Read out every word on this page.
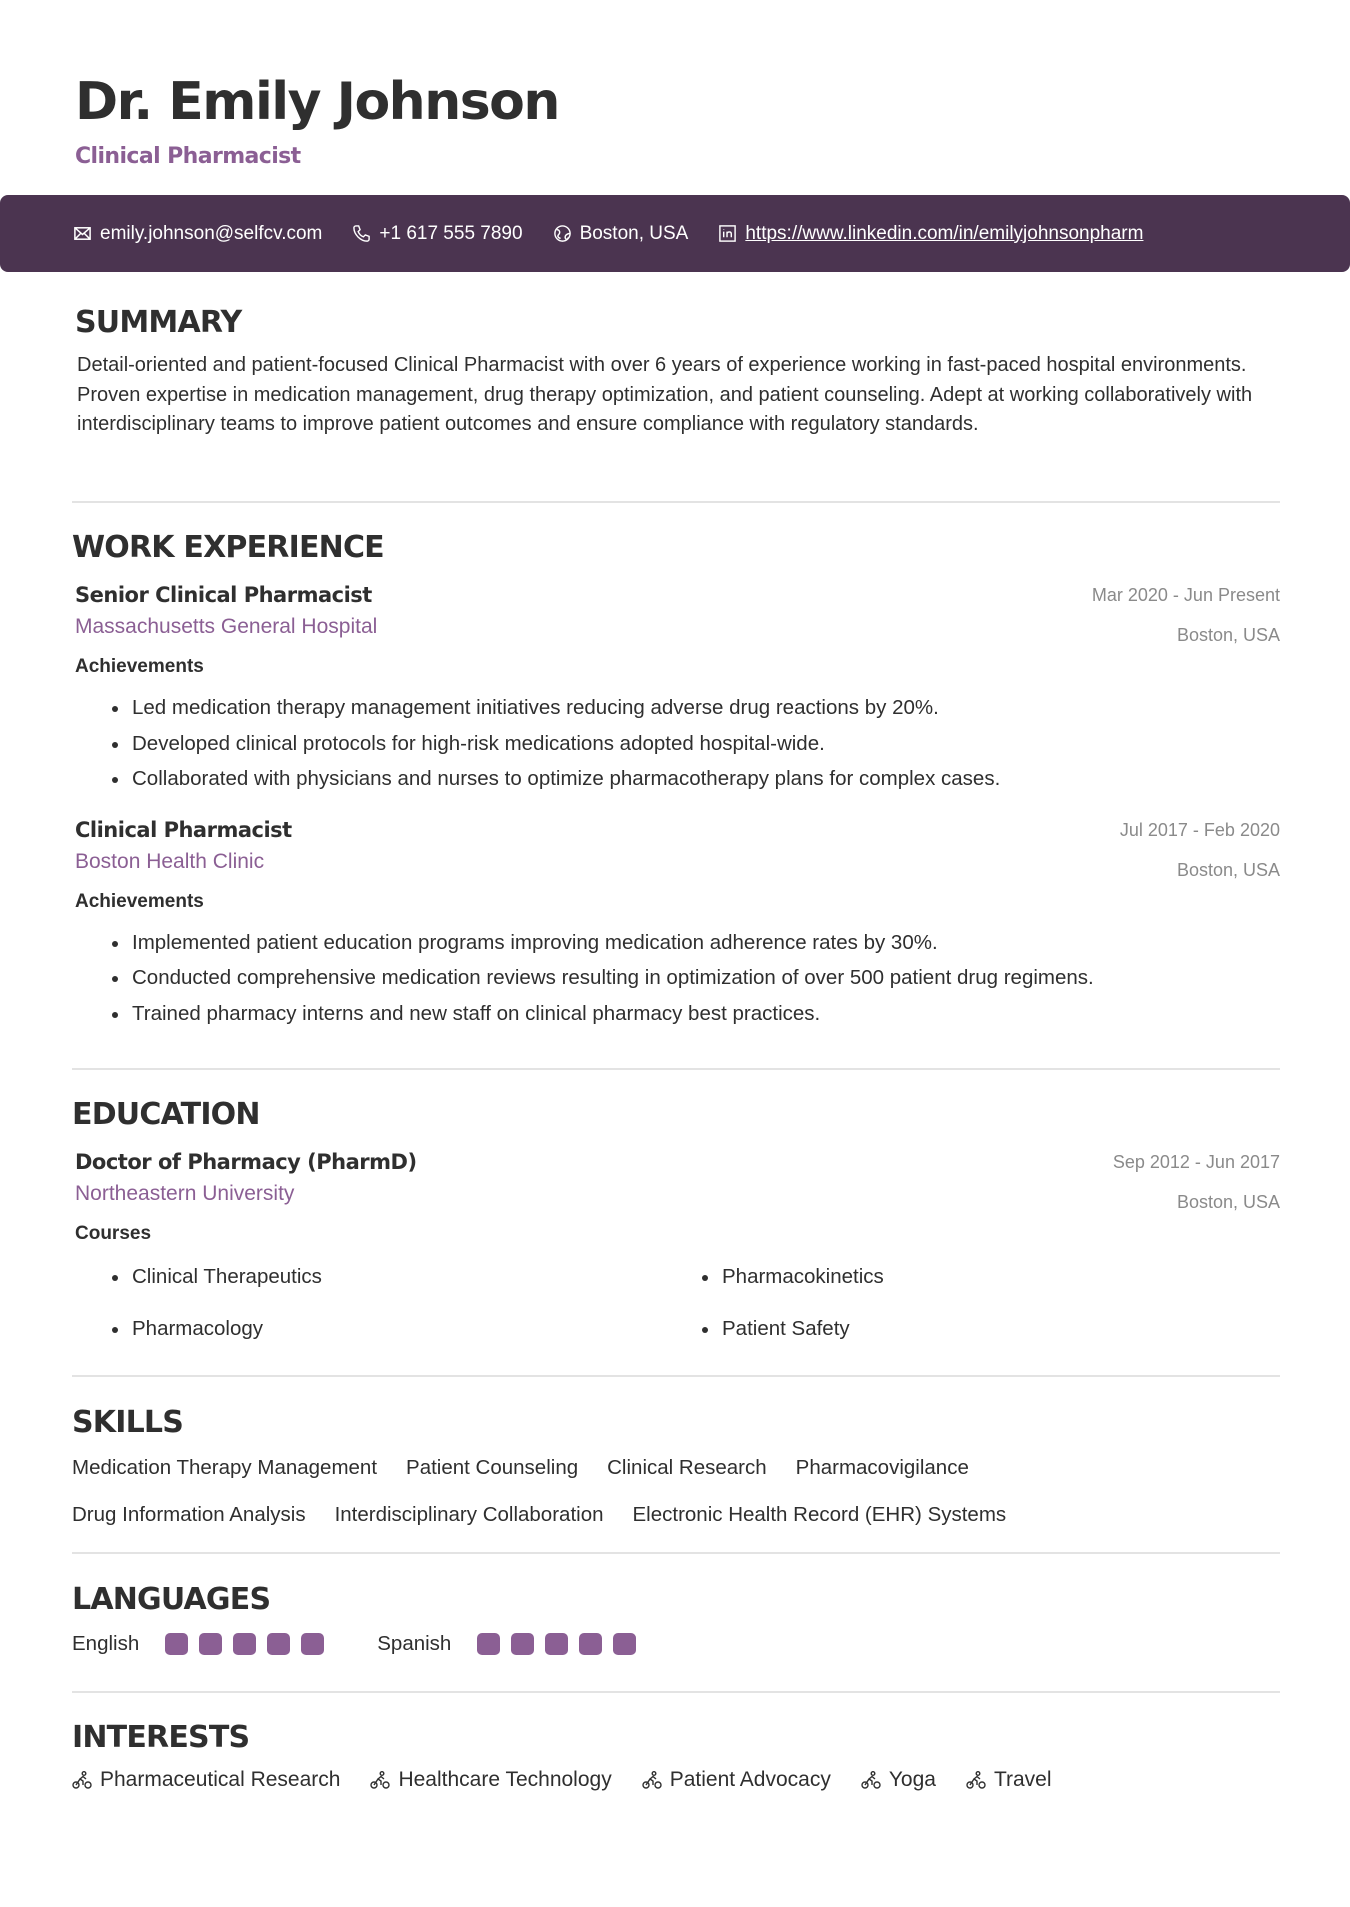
Dr. Emily Johnson
Clinical Pharmacist
emily.johnson@selfcv.com	+1 617 555 7890	Boston, USA	https://www.linkedin.com/in/emilyjohnsonpharm
SUMMARY
Detail-oriented and patient-focused Clinical Pharmacist with over 6 years of experience working in fast-paced hospital environments. Proven expertise in medication management, drug therapy optimization, and patient counseling. Adept at working collaboratively with interdisciplinary teams to improve patient outcomes and ensure compliance with regulatory standards.
WORK EXPERIENCE
Senior Clinical Pharmacist
Massachusetts General Hospital
Mar 2020 - Jun Present
Boston, USA
Achievements
Led medication therapy management initiatives reducing adverse drug reactions by 20%.
Developed clinical protocols for high-risk medications adopted hospital-wide.
Collaborated with physicians and nurses to optimize pharmacotherapy plans for complex cases.
Clinical Pharmacist
Boston Health Clinic
Jul 2017 - Feb 2020
Boston, USA
Achievements
Implemented patient education programs improving medication adherence rates by 30%.
Conducted comprehensive medication reviews resulting in optimization of over 500 patient drug regimens.
Trained pharmacy interns and new staff on clinical pharmacy best practices.
EDUCATION
Doctor of Pharmacy (PharmD)
Northeastern University
Sep 2012 - Jun 2017
Boston, USA
Courses
Clinical Therapeutics	Pharmacokinetics
Pharmacology	Patient Safety
SKILLS
Medication Therapy Management Patient Counseling Clinical Research Pharmacovigilance
Drug Information Analysis Interdisciplinary Collaboration Electronic Health Record (EHR) Systems
LANGUAGES
English	Spanish
INTERESTS
Pharmaceutical Research	Healthcare Technology	Patient Advocacy	Yoga	Travel
